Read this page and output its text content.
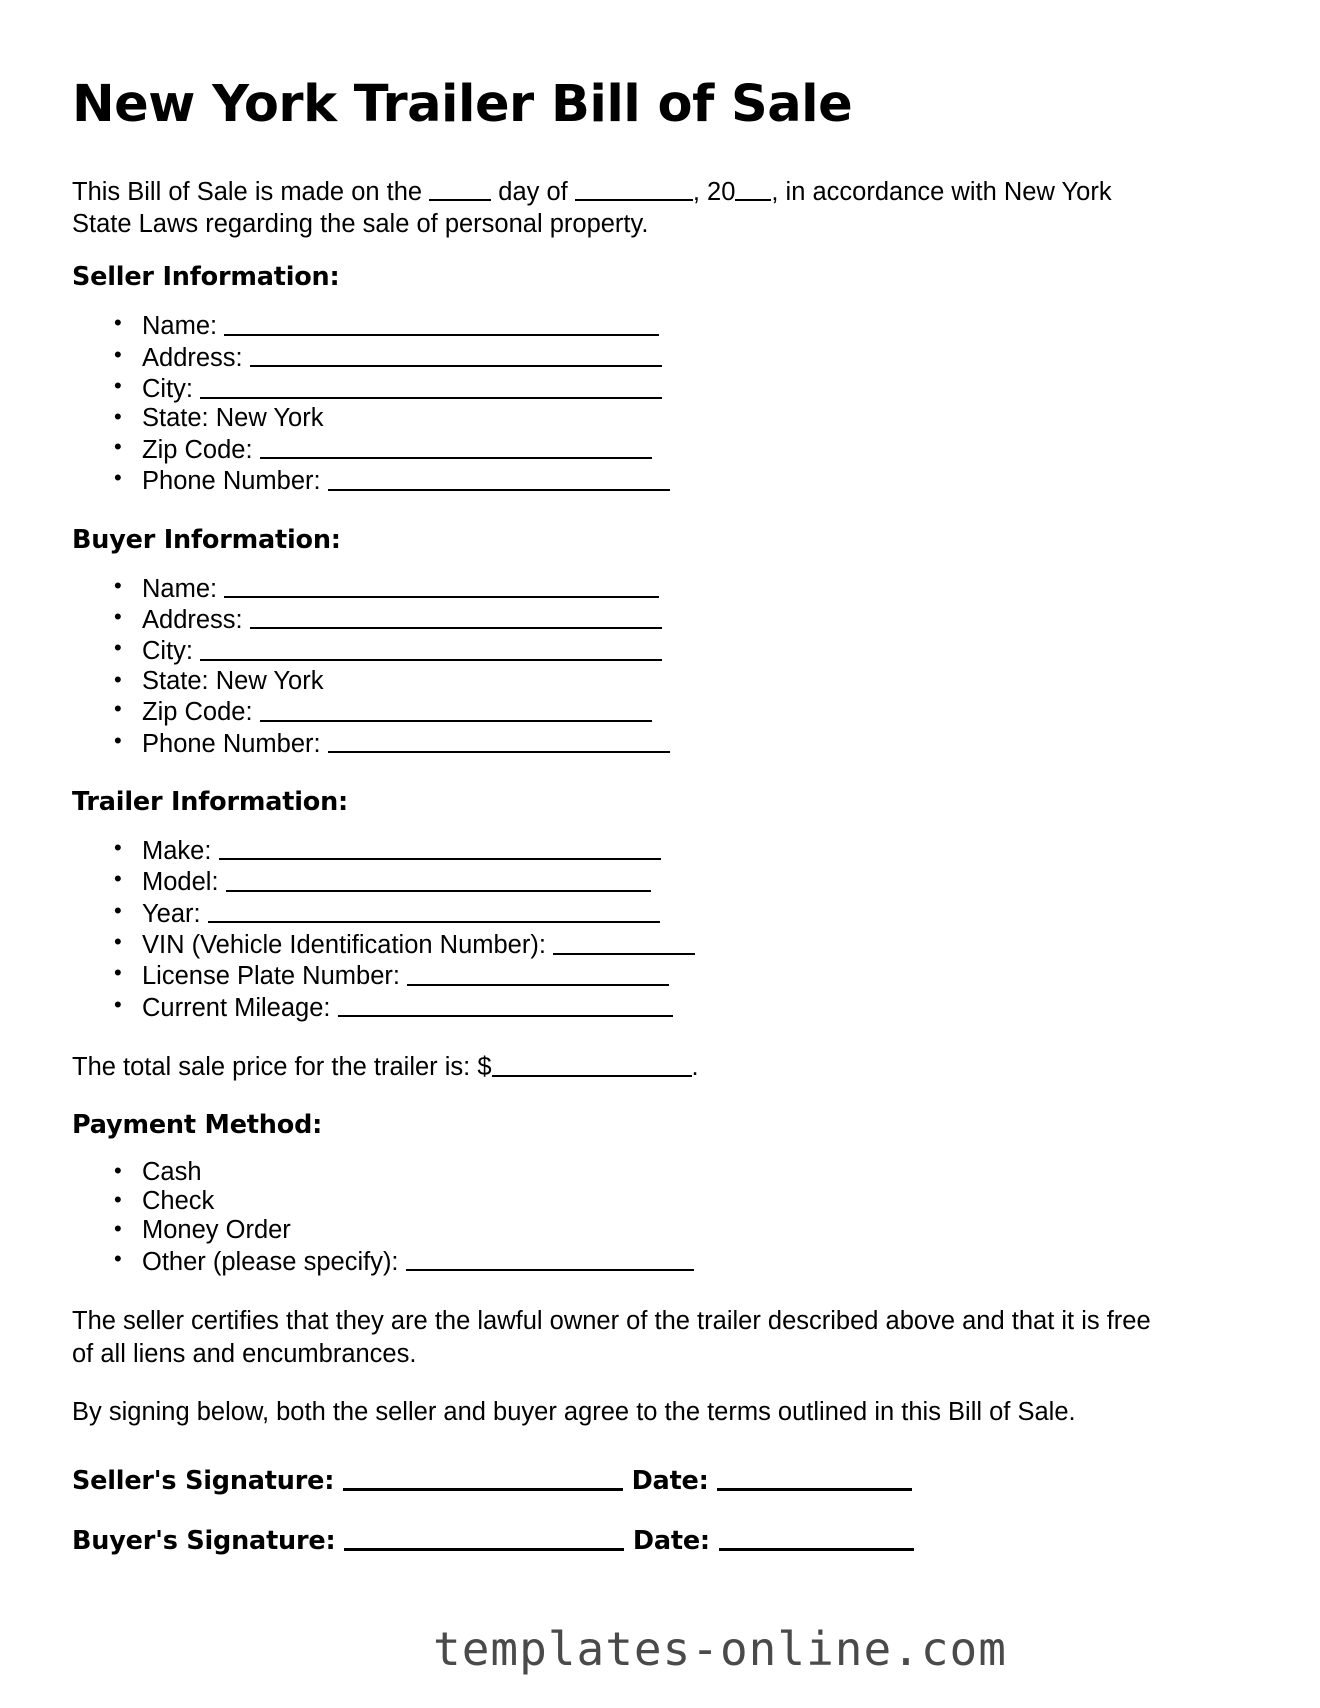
New York Trailer Bill of Sale

This Bill of Sale is made on the	day of	, 20 , in accordance with New York State Laws regarding the sale of personal property.

Seller Information:
• Name:
• Address:
• City:
• State: New York
• Zip Code:
• Phone Number:
Buyer Information:
• Name:
• Address:
• City:
• State: New York
• Zip Code:
• Phone Number:
Trailer Information:
• Make:
• Model:
• Year:
• VIN (Vehicle Identification Number):
• License Plate Number:
• Current Mileage:

The total sale price for the trailer is: $	.

Payment Method:
• Cash
• Check
• Money Order
• Other (please specify):

The seller certifies that they are the lawful owner of the trailer described above and that it is free of all liens and encumbrances.

By signing below, both the seller and buyer agree to the terms outlined in this Bill of Sale.

Seller's Signature:	Date:
Buyer's Signature:	Date:
templates-online.com
